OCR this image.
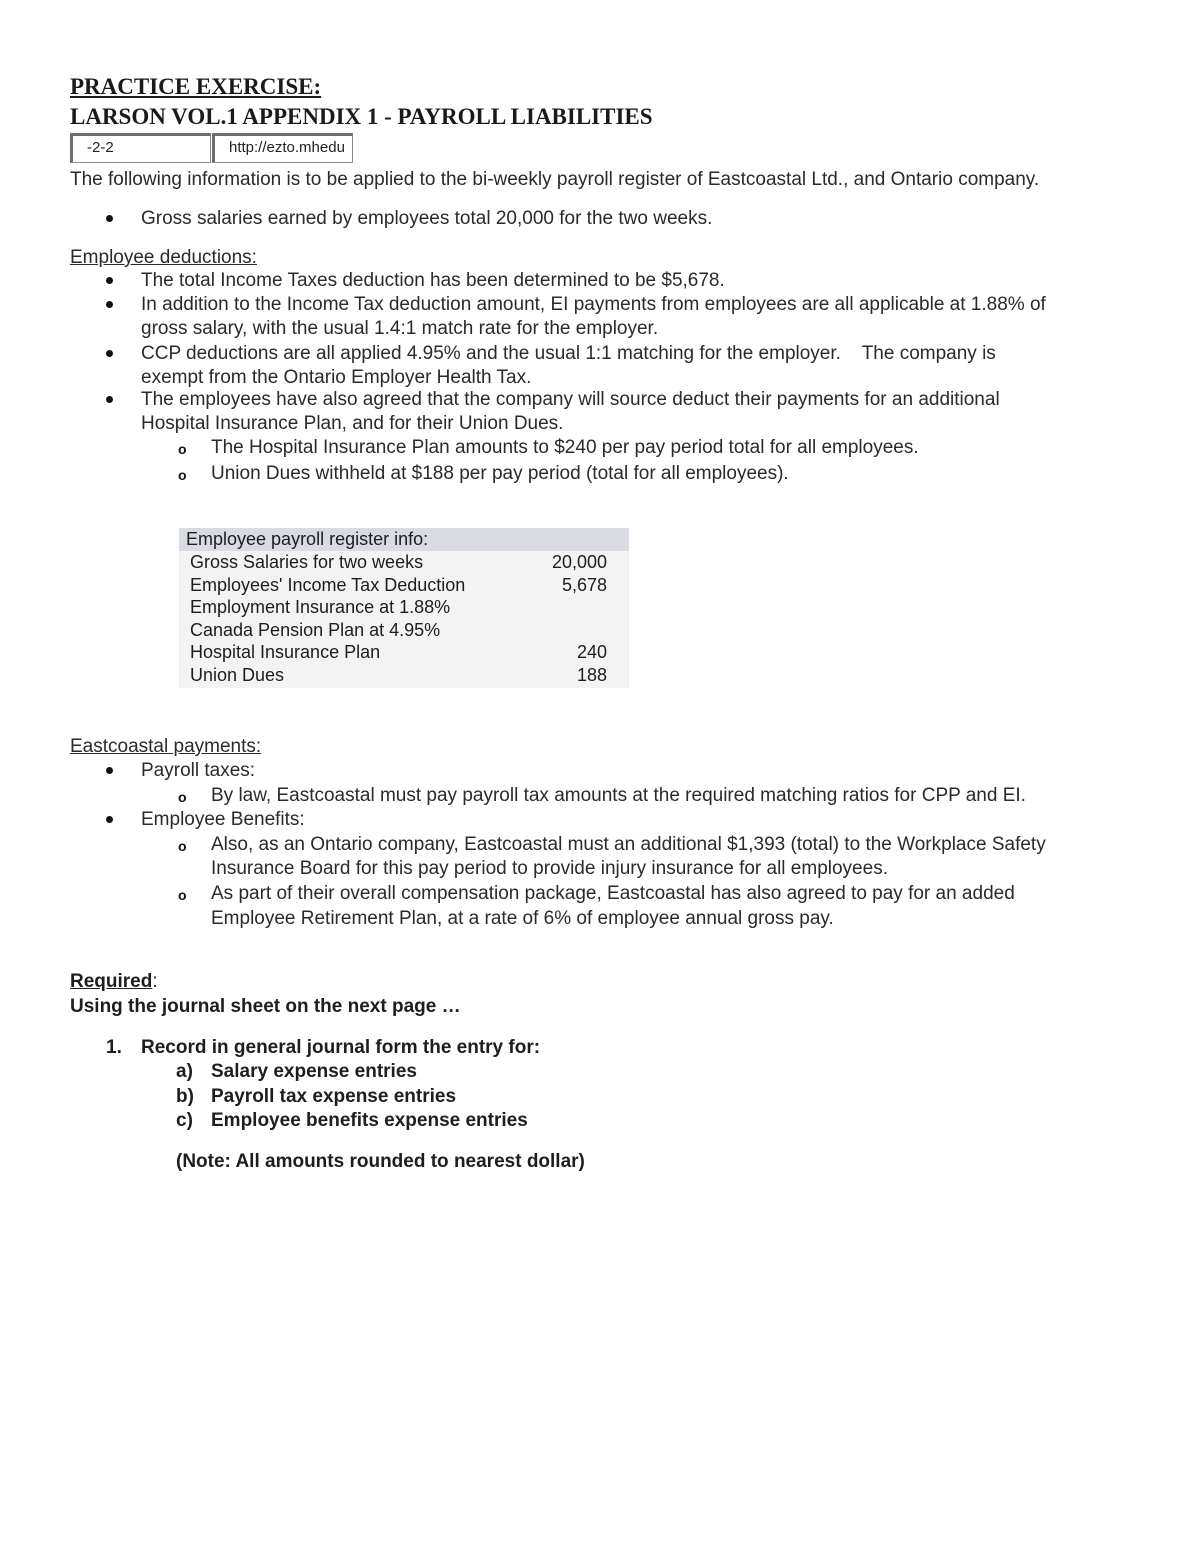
PRACTICE EXERCISE:
LARSON VOL.1 APPENDIX 1 - PAYROLL LIABILITIES
-2-2	http://ezto.mhedu
The following information is to be applied to the bi-weekly payroll register of Eastcoastal Ltd., and Ontario company.
Gross salaries earned by employees total 20,000 for the two weeks.
Employee deductions:
The total Income Taxes deduction has been determined to be $5,678.
In addition to the Income Tax deduction amount, EI payments from employees are all applicable at 1.88% of
gross salary, with the usual 1.4:1 match rate for the employer.
CCP deductions are all applied 4.95% and the usual 1:1 matching for the employer.    The company is
exempt from the Ontario Employer Health Tax.
The employees have also agreed that the company will source deduct their payments for an additional
Hospital Insurance Plan, and for their Union Dues.
o The Hospital Insurance Plan amounts to $240 per pay period total for all employees.
o Union Dues withheld at $188 per pay period (total for all employees).
Employee payroll register info:
Gross Salaries for two weeks	20,000
Employees' Income Tax Deduction	5,678
Employment Insurance at 1.88%
Canada Pension Plan at 4.95%
Hospital Insurance Plan	240
Union Dues	188
Eastcoastal payments:
Payroll taxes:
o By law, Eastcoastal must pay payroll tax amounts at the required matching ratios for CPP and EI.
Employee Benefits:
o Also, as an Ontario company, Eastcoastal must an additional $1,393 (total) to the Workplace Safety
Insurance Board for this pay period to provide injury insurance for all employees.
o As part of their overall compensation package, Eastcoastal has also agreed to pay for an added
Employee Retirement Plan, at a rate of 6% of employee annual gross pay.
Required:
Using the journal sheet on the next page …
1. Record in general journal form the entry for:
a) Salary expense entries
b) Payroll tax expense entries
c) Employee benefits expense entries
(Note: All amounts rounded to nearest dollar)
